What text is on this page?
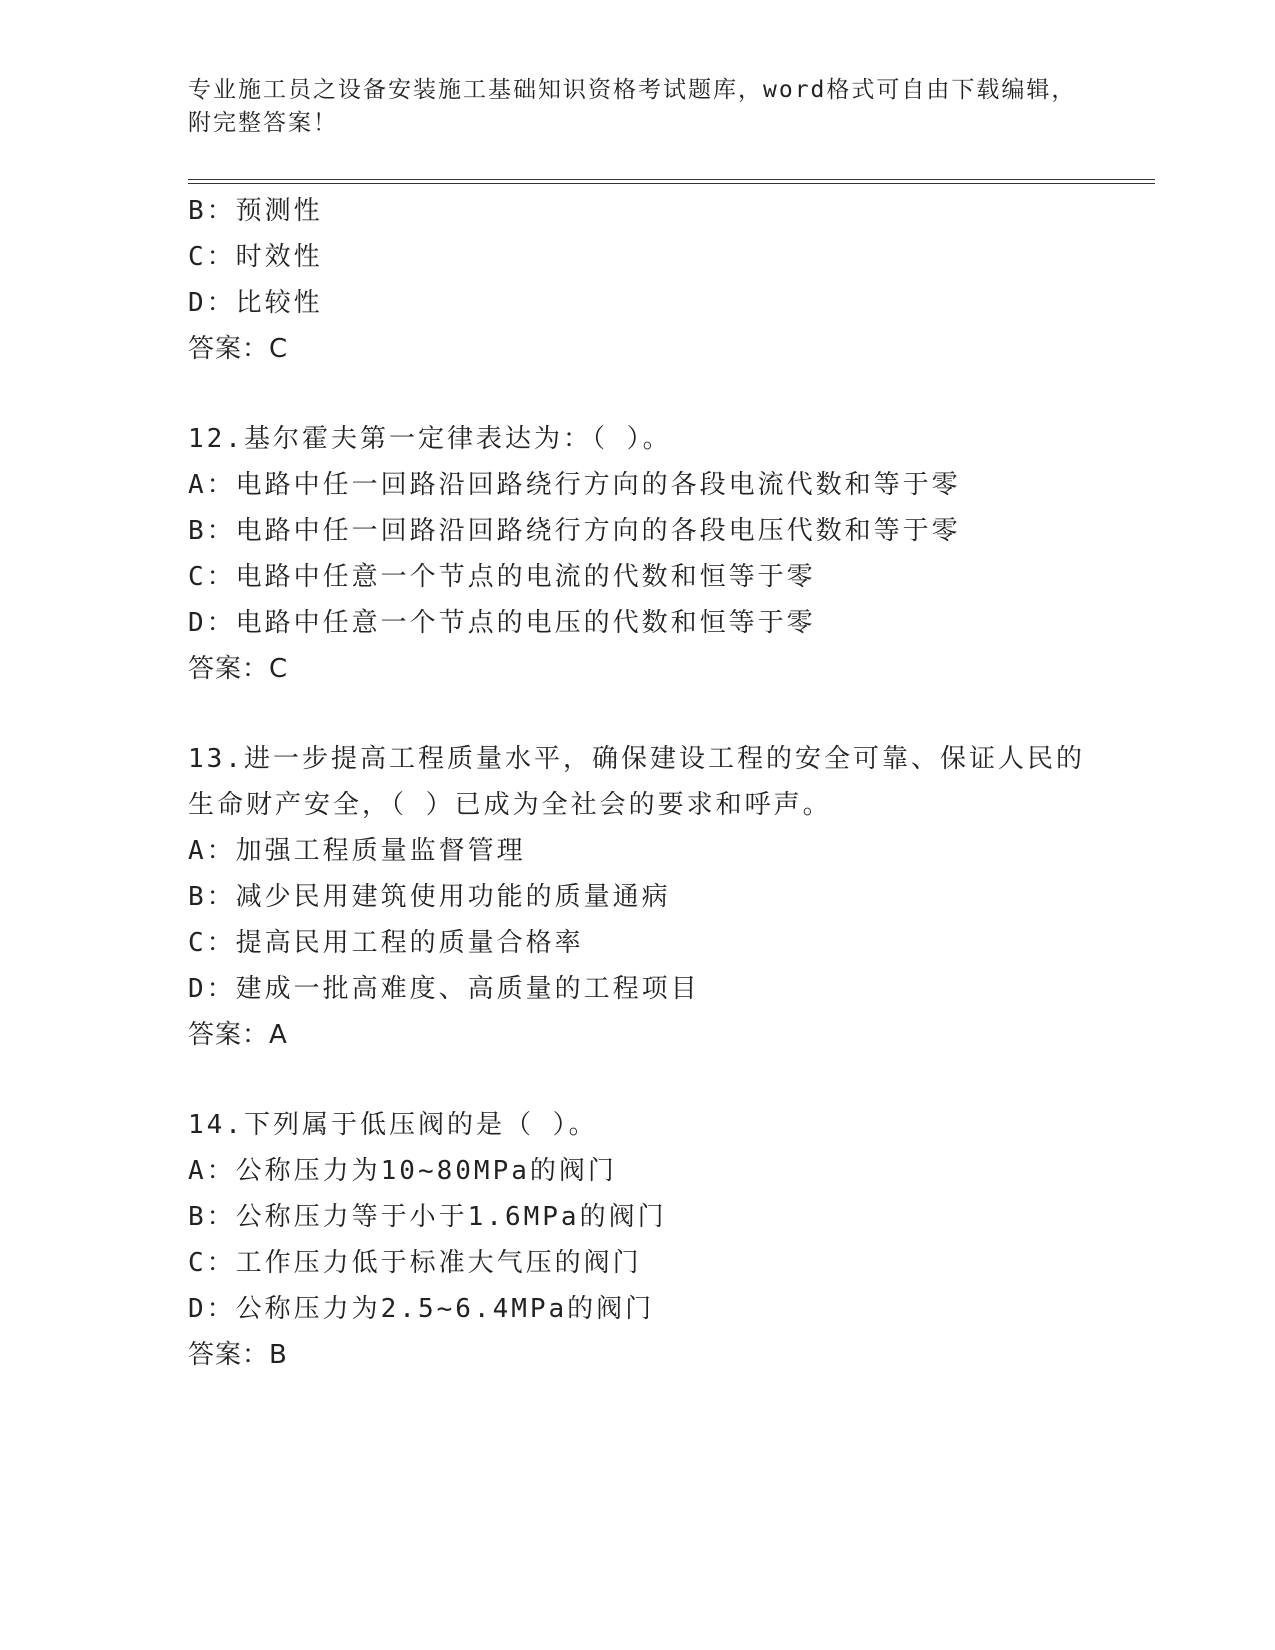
专业施工员之设备安装施工基础知识资格考试题库，word格式可自由下载编辑，
附完整答案！
B：预测性
C：时效性
D：比较性
答案：C
12.基尔霍夫第一定律表达为：（ ）。
A：电路中任一回路沿回路绕行方向的各段电流代数和等于零
B：电路中任一回路沿回路绕行方向的各段电压代数和等于零
C：电路中任意一个节点的电流的代数和恒等于零
D：电路中任意一个节点的电压的代数和恒等于零
答案：C
13.进一步提高工程质量水平，确保建设工程的安全可靠、保证人民的
生命财产安全，（ ）已成为全社会的要求和呼声。
A：加强工程质量监督管理
B：减少民用建筑使用功能的质量通病
C：提高民用工程的质量合格率
D：建成一批高难度、高质量的工程项目
答案：A
14.下列属于低压阀的是（ ）。
A：公称压力为10~80MPa的阀门
B：公称压力等于小于1.6MPa的阀门
C：工作压力低于标准大气压的阀门
D：公称压力为2.5~6.4MPa的阀门
答案：B
